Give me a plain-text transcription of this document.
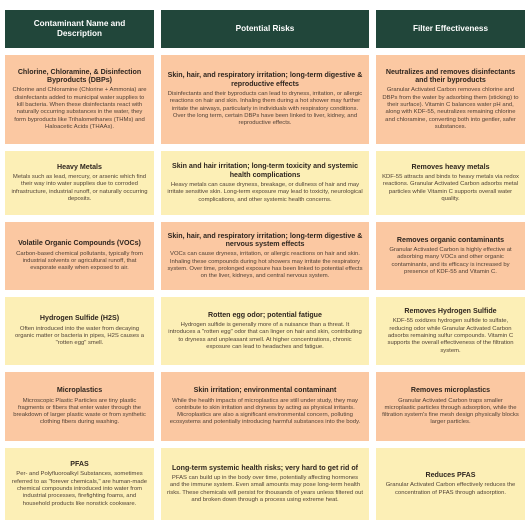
Contaminant Name and Description
Potential Risks	Filter Effectiveness
Chlorine, Chloramine, & Disinfection Byproducts (DBPs)
Chlorine and Chloramine (Chlorine + Ammonia) are disinfectants added to municipal water supplies to kill bacteria. When these disinfectants react with naturally occurring substances in the water, they form byproducts like Trihalomethanes (THMs) and Haloacetic Acids (THAAs).
Skin, hair, and respiratory irritation; long-term digestive & reproductive effects
Disinfectants and their byproducts can lead to dryness, irritation, or allergic reactions on hair and skin. Inhaling them during a hot shower may further irritate the airways, particularly in individuals with respiratory conditions. Over the long term, certain DBPs have been linked to liver, kidney, and reproductive effects.
Neutralizes and removes disinfectants and their byproducts
Granular Activated Carbon removes chlorine and DBPs from the water by adsorbing them (sticking) to their surface). Vitamin C balances water pH and, along with KDF-55, neutralizes remaining chlorine and chloramine, converting both into gentler, safer substances.
Heavy Metals
Metals such as lead, mercury, or arsenic which find their way into water supplies due to corroded infrastructure, industrial runoff, or naturally occurring deposits.
Skin and hair irritation; long-term toxicity and systemic health complications
Heavy metals can cause dryness, breakage, or dullness of hair and may irritate sensitive skin. Long-term exposure may lead to toxicity, neurological complications, and other systemic health concerns.
Removes heavy metals
KDF-55 attracts and binds to heavy metals via redox reactions. Granular Activated Carbon adsorbs metal particles while Vitamin C supports overall water quality.
Volatile Organic Compounds (VOCs)
Carbon-based chemical pollutants, typically from industrial solvents or agricultural runoff, that evaporate easily when exposed to air.
Skin, hair, and respiratory irritation; long-term digestive & nervous system effects
VOCs can cause dryness, irritation, or allergic reactions on hair and skin. Inhaling these compounds during hot showers may irritate the respiratory system. Over time, prolonged exposure has been linked to potential effects on the liver, kidneys, and central nervous system.
Removes organic contaminants
Granular Activated Carbon is highly effective at adsorbing many VOCs and other organic contaminants, and its efficacy is increased by presence of KDF-55 and Vitamin C.
Hydrogen Sulfide (H2S)
Often introduced into the water from decaying organic matter or bacteria in pipes, H2S causes a "rotten egg" smell.
Rotten egg odor; potential fatigue
Hydrogen sulfide is generally more of a nuisance than a threat. It introduces a "rotten egg" odor that can linger on hair and skin, contributing to dryness and unpleasant smell. At higher concentrations, chronic exposure can lead to headaches and fatigue.
Removes Hydrogen Sulfide
KDF-55 oxidizes hydrogen sulfide to sulfate, reducing odor while Granular Activated Carbon adsorbs remaining sulfur compounds. Vitamin C supports the overall effectiveness of the filtration system.
Microplastics
Microscopic Plastic Particles are tiny plastic fragments or fibers that enter water through the breakdown of larger plastic waste or from synthetic clothing fibers during washing.
Skin irritation; environmental contaminant
While the health impacts of microplastics are still under study, they may contribute to skin irritation and dryness by acting as physical irritants. Microplastics are also a significant environmental concern, polluting ecosystems and potentially introducing harmful substances into the body.
Removes microplastics
Granular Activated Carbon traps smaller microplastic particles through adsorption, while the filtration system's fine mesh design physically blocks larger particles.
PFAS
Per- and Polyfluoroalkyl Substances, sometimes referred to as "forever chemicals," are human-made chemical compounds introduced into water from industrial processes, firefighting foams, and household products like nonstick cookware.
Long-term systemic health risks; very hard to get rid of
PFAS can build up in the body over time, potentially affecting hormones and the immune system. Even small amounts may pose long-term health risks. These chemicals will persist for thousands of years unless filtered out and broken down through a process using extreme heat.
Reduces PFAS
Granular Activated Carbon effectively reduces the concentration of PFAS through adsorption.
